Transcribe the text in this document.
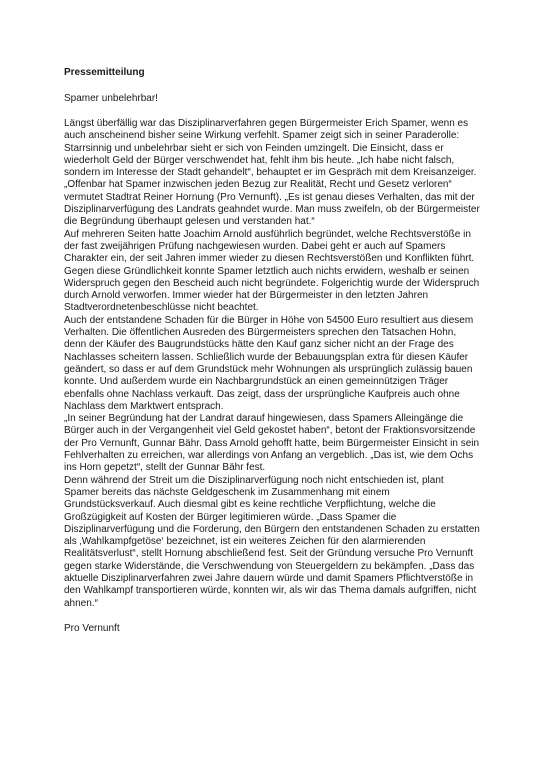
Pressemitteilung
Spamer unbelehrbar!

Längst überfällig war das Disziplinarverfahren gegen Bürgermeister Erich Spamer, wenn es auch anscheinend bisher seine Wirkung verfehlt. Spamer zeigt sich in seiner Paraderolle: Starrsinnig und unbelehrbar sieht er sich von Feinden umzingelt. Die Einsicht, dass er wiederholt Geld der Bürger verschwendet hat, fehlt ihm bis heute. „Ich habe nicht falsch, sondern im Interesse der Stadt gehandelt“, behauptet er im Gespräch mit dem Kreisanzeiger. „Offenbar hat Spamer inzwischen jeden Bezug zur Realität, Recht und Gesetz verloren“ vermutet Stadtrat Reiner Hornung (Pro Vernunft). „Es ist genau dieses Verhalten, das mit der Disziplinarverfügung des Landrats geahndet wurde. Man muss zweifeln, ob der Bürgermeister die Begründung überhaupt gelesen und verstanden hat.“

Auf mehreren Seiten hatte Joachim Arnold ausführlich begründet, welche Rechtsverstöße in der fast zweijährigen Prüfung nachgewiesen wurden. Dabei geht er auch auf Spamers Charakter ein, der seit Jahren immer wieder zu diesen Rechtsverstößen und Konflikten führt. Gegen diese Gründlichkeit konnte Spamer letztlich auch nichts erwidern, weshalb er seinen Widerspruch gegen den Bescheid auch nicht begründete. Folgerichtig wurde der Widerspruch durch Arnold verworfen. Immer wieder hat der Bürgermeister in den letzten Jahren Stadtverordnetenbeschlüsse nicht beachtet.

Auch der entstandene Schaden für die Bürger in Höhe von 54500 Euro resultiert aus diesem Verhalten. Die öffentlichen Ausreden des Bürgermeisters sprechen den Tatsachen Hohn, denn der Käufer des Baugrundstücks hätte den Kauf ganz sicher nicht an der Frage des Nachlasses scheitern lassen. Schließlich wurde der Bebauungsplan extra für diesen Käufer geändert, so dass er auf dem Grundstück mehr Wohnungen als ursprünglich zulässig bauen konnte. Und außerdem wurde ein Nachbargrundstück an einen gemeinnützigen Träger ebenfalls ohne Nachlass verkauft. Das zeigt, dass der ursprüngliche Kaufpreis auch ohne Nachlass dem Marktwert entsprach.

„In seiner Begründung hat der Landrat darauf hingewiesen, dass Spamers Alleingänge die Bürger auch in der Vergangenheit viel Geld gekostet haben“, betont der Fraktionsvorsitzende der Pro Vernunft, Gunnar Bähr. Dass Arnold gehofft hatte, beim Bürgermeister Einsicht in sein Fehlverhalten zu erreichen, war allerdings von Anfang an vergeblich. „Das ist, wie dem Ochs ins Horn gepetzt“, stellt der Gunnar Bähr fest.

Denn während der Streit um die Disziplinarverfügung noch nicht entschieden ist, plant Spamer bereits das nächste Geldgeschenk im Zusammenhang mit einem Grundstücksverkauf. Auch diesmal gibt es keine rechtliche Verpflichtung, welche die Großzügigkeit auf Kosten der Bürger legitimieren würde. „Dass Spamer die Disziplinarverfügung und die Forderung, den Bürgern den entstandenen Schaden zu erstatten als ‚Wahlkampfgetöse‘ bezeichnet, ist ein weiteres Zeichen für den alarmierenden Realitätsverlust“, stellt Hornung abschließend fest. Seit der Gründung versuche Pro Vernunft gegen starke Widerstände, die Verschwendung von Steuergeldern zu bekämpfen. „Dass das aktuelle Disziplinarverfahren zwei Jahre dauern würde und damit Spamers Pflichtverstöße in den Wahlkampf transportieren würde, konnten wir, als wir das Thema damals aufgriffen, nicht ahnen.“

Pro Vernunft
